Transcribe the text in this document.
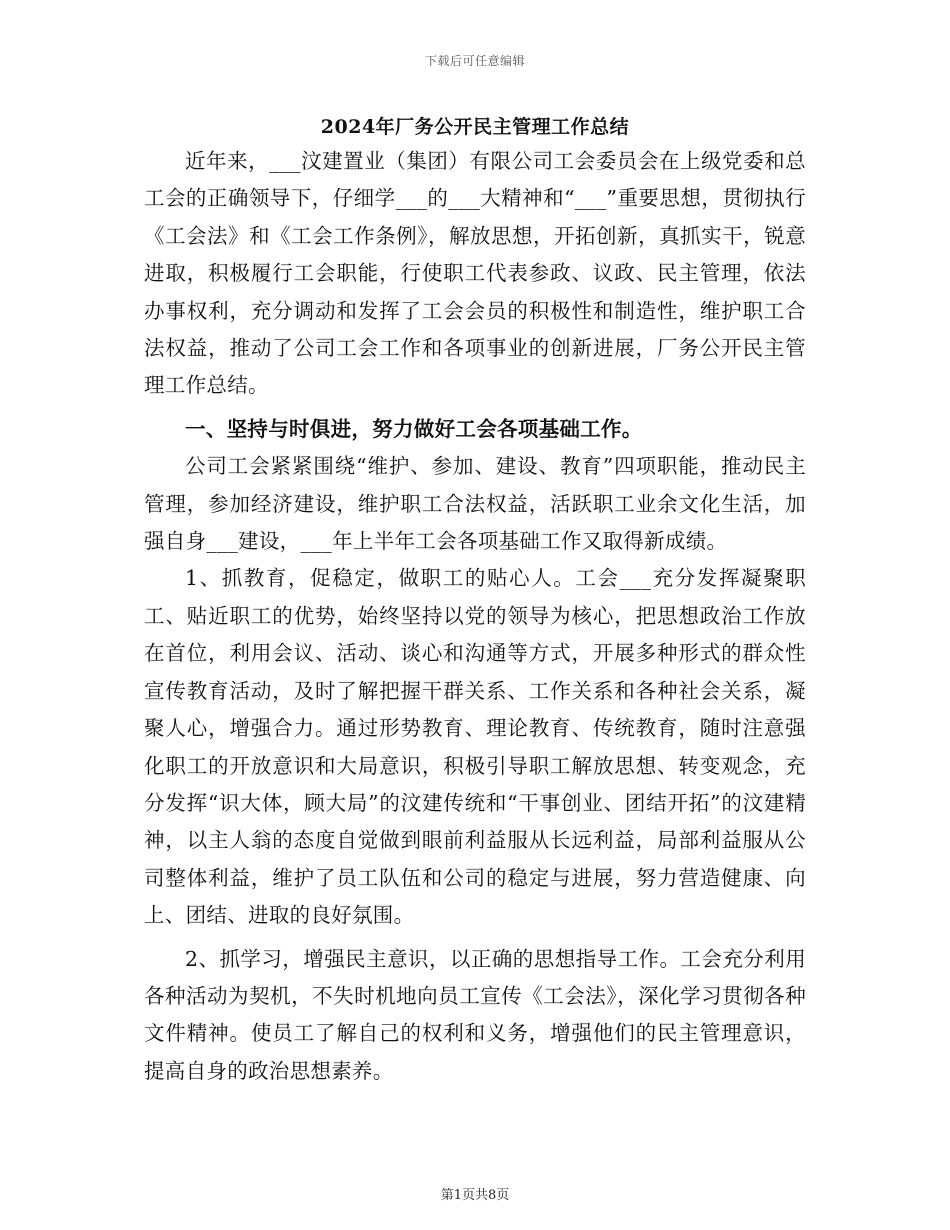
下载后可任意编辑
2024年厂务公开民主管理工作总结

近年来，___汶建置业（集团）有限公司工会委员会在上级党委和总工会的正确领导下，仔细学___的___大精神和“___”重要思想，贯彻执行《工会法》和《工会工作条例》，解放思想，开拓创新，真抓实干，锐意进取，积极履行工会职能，行使职工代表参政、议政、民主管理，依法办事权利，充分调动和发挥了工会会员的积极性和制造性，维护职工合法权益，推动了公司工会工作和各项事业的创新进展，厂务公开民主管理工作总结。

一、坚持与时俱进，努力做好工会各项基础工作。

公司工会紧紧围绕“维护、参加、建设、教育”四项职能，推动民主管理，参加经济建设，维护职工合法权益，活跃职工业余文化生活，加强自身___建设，___年上半年工会各项基础工作又取得新成绩。

1、抓教育，促稳定，做职工的贴心人。工会___充分发挥凝聚职工、贴近职工的优势，始终坚持以党的领导为核心，把思想政治工作放在首位，利用会议、活动、谈心和沟通等方式，开展多种形式的群众性宣传教育活动，及时了解把握干群关系、工作关系和各种社会关系，凝聚人心，增强合力。通过形势教育、理论教育、传统教育，随时注意强化职工的开放意识和大局意识，积极引导职工解放思想、转变观念，充分发挥“识大体，顾大局”的汶建传统和“干事创业、团结开拓”的汶建精神，以主人翁的态度自觉做到眼前利益服从长远利益，局部利益服从公司整体利益，维护了员工队伍和公司的稳定与进展，努力营造健康、向上、团结、进取的良好氛围。

2、抓学习，增强民主意识，以正确的思想指导工作。工会充分利用各种活动为契机，不失时机地向员工宣传《工会法》，深化学习贯彻各种文件精神。使员工了解自己的权利和义务，增强他们的民主管理意识，提高自身的政治思想素养。

第1页共8页
